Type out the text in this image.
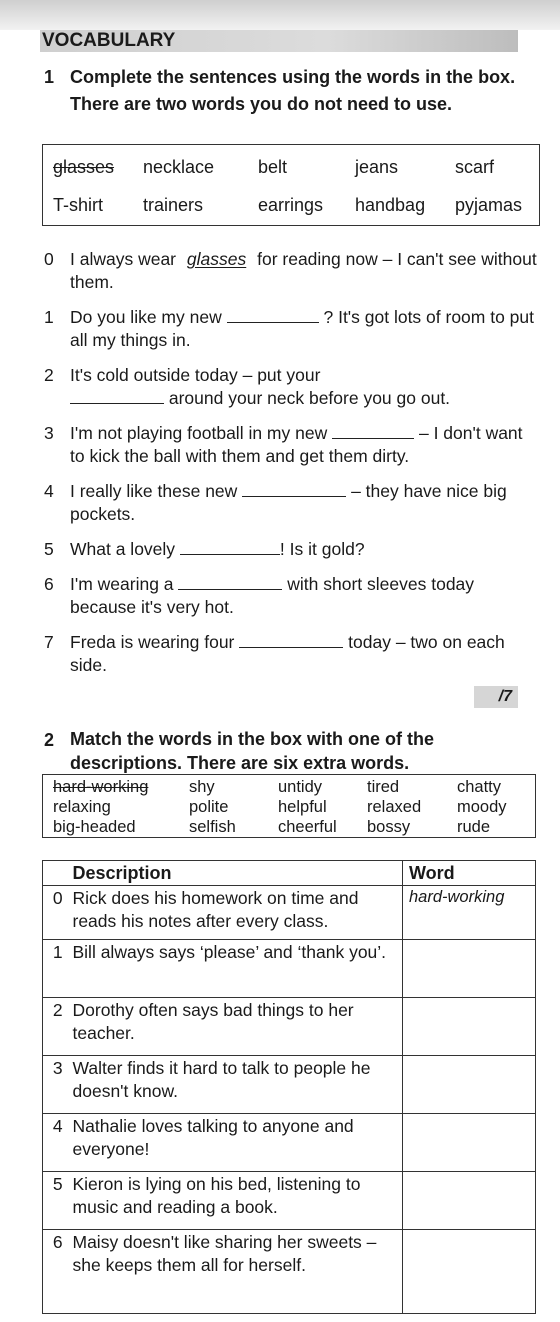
VOCABULARY
1 Complete the sentences using the words in the box. There are two words you do not need to use.
glasses necklace belt	jeans	scarf
T-shirt trainers	earrings handbag pyjamas
0 I always wear glasses for reading now – I can't see without them.
1 Do you like my new	? It's got lots of room to put all my things in.
2 It's cold outside today – put your
around your neck before you go out.
3 I'm not playing football in my new	– I don't want to kick the ball with them and get them dirty.
4 I really like these new	– they have nice big pockets.
5 What a lovely	! Is it gold?
6 I'm wearing a	with short sleeves today because it's very hot.
7 Freda is wearing four	today – two on each side.
/7
2 Match the words in the box with one of the descriptions. There are six extra words.
hard-working shy	untidy	tired	chatty
relaxing	polite	helpful relaxed moody
big-headed	selfish	cheerful bossy	rude
	Description	Word
0	Rick does his homework on time and reads his notes after every class.	hard-working
1	Bill always says ‘please’ and ‘thank you’.	
2	Dorothy often says bad things to her teacher.	
3	Walter finds it hard to talk to people he doesn't know.	
4	Nathalie loves talking to anyone and everyone!	
5	Kieron is lying on his bed, listening to music and reading a book.	
6	Maisy doesn't like sharing her sweets – she keeps them all for herself.	
